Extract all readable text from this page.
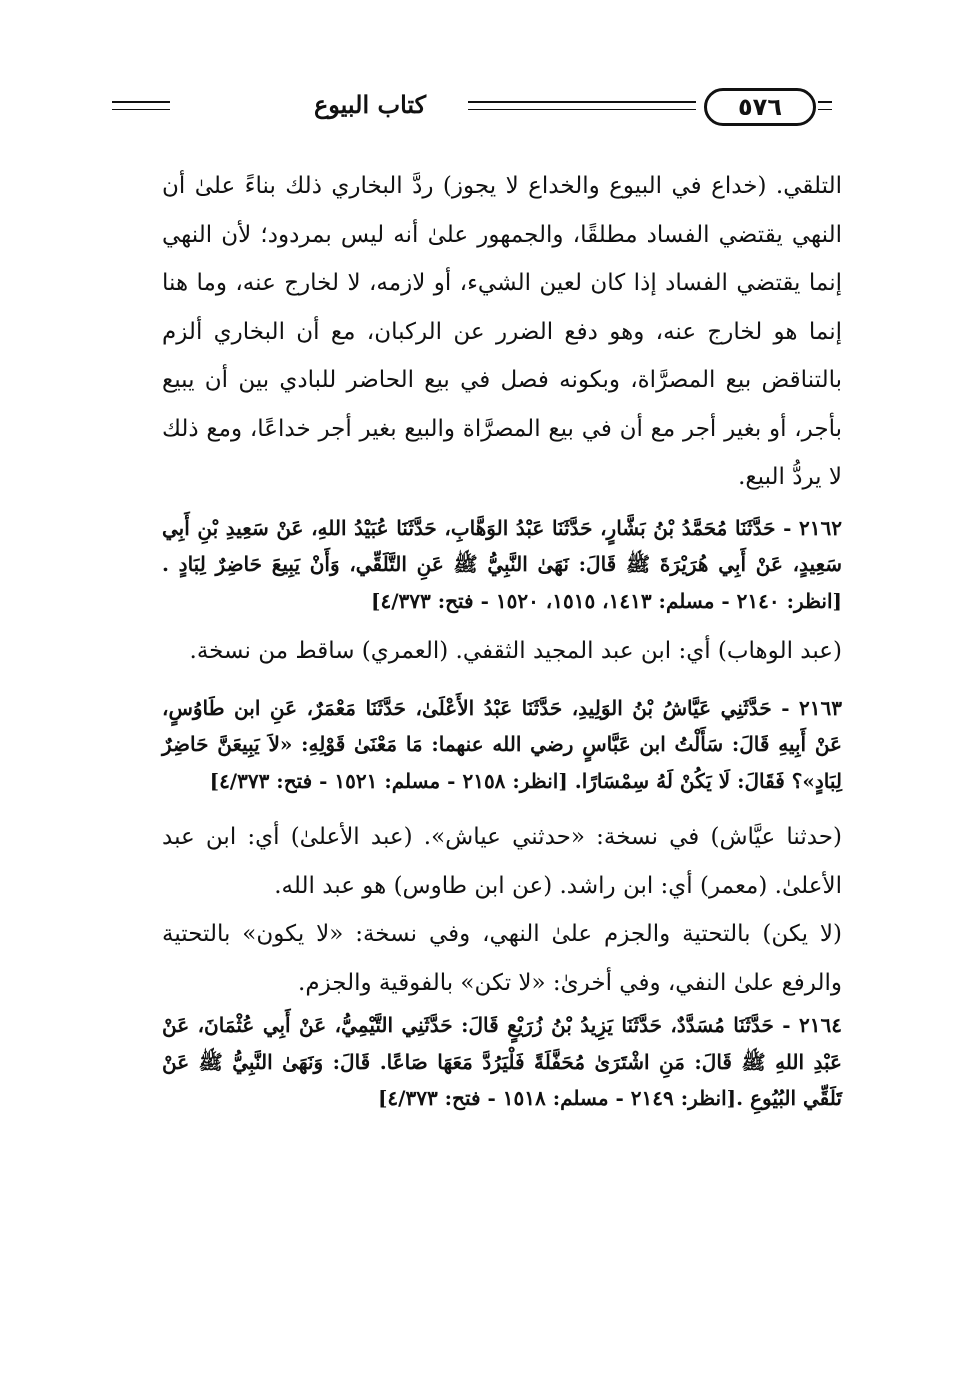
٥٧٦
كتاب البيوع

التلقي. (خداع في البيوع والخداع لا يجوز) ردَّ البخاري ذلك بناءً علىٰ أن النهي يقتضي الفساد مطلقًا، والجمهور علىٰ أنه ليس بمردود؛ لأن النهي إنما يقتضي الفساد إذا كان لعين الشيء، أو لازمه، لا لخارج عنه، وما هنا إنما هو لخارج عنه، وهو دفع الضرر عن الركبان، مع أن البخاري ألزم بالتناقض بيع المصرَّاة، وبكونه فصل في بيع الحاضر للبادي بين أن يبيع بأجر، أو بغير أجر مع أن في بيع المصرَّاة والبيع بغير أجر خداعًا، ومع ذلك لا يردُّ البيع.

٢١٦٢ - حَدَّثَنَا مُحَمَّدُ بْنُ بَشَّارٍ، حَدَّثَنَا عَبْدُ الوَهَّابِ، حَدَّثَنَا عُبَيْدُ اللهِ، عَنْ سَعِيدِ بْنِ أَبِي سَعِيدٍ، عَنْ أَبِي هُرَيْرَةَ ﷺ قَالَ: نَهَىٰ النَّبِيُّ ﷺ عَنِ التَّلَقِّي، وَأَنْ يَبِيعَ حَاضِرٌ لِبَادٍ .[انظر: ٢١٤٠ - مسلم: ١٤١٣، ١٥١٥، ١٥٢٠ - فتح: ٤/٣٧٣]

(عبد الوهاب) أي: ابن عبد المجيد الثقفي. (العمري) ساقط من نسخة.

٢١٦٣ - حَدَّثَنِي عَيَّاشُ بْنُ الوَلِيدِ، حَدَّثَنَا عَبْدُ الأَعْلَىٰ، حَدَّثَنَا مَعْمَرٌ، عَنِ ابن طَاوُسٍ، عَنْ أَبِيهِ قَالَ: سَأَلْتُ ابن عَبَّاسٍ رضي الله عنهما: مَا مَعْنَىٰ قَوْلِهِ: «لاَ يَبِيعَنَّ حَاضِرٌ لِبَادٍ»؟ فَقَالَ: لَا يَكُنْ لَهُ سِمْسَارًا. [انظر: ٢١٥٨ - مسلم: ١٥٢١ - فتح: ٤/٣٧٣]

(حدثنا عيَّاش) في نسخة: «حدثني عياش». (عبد الأعلىٰ) أي: ابن عبد الأعلىٰ. (معمر) أي: ابن راشد. (عن ابن طاوس) هو عبد الله.

(لا يكن) بالتحتية والجزم علىٰ النهي، وفي نسخة: «لا يكون» بالتحتية والرفع علىٰ النفي، وفي أخرىٰ: «لا تكن» بالفوقية والجزم.

٢١٦٤ - حَدَّثَنَا مُسَدَّدٌ، حَدَّثَنَا يَزِيدُ بْنُ زُرَيْعٍ قَالَ: حَدَّثَنِي التَّيْمِيُّ، عَنْ أَبِي عُثْمَانَ، عَنْ عَبْدِ اللهِ ﷺ قَالَ: مَنِ اشْتَرَىٰ مُحَفَّلَةً فَلْيَرُدَّ مَعَهَا صَاعًا. قَالَ: وَنَهَىٰ النَّبِيُّ ﷺ عَنْ تَلَقِّي البُيُوعِ .[انظر: ٢١٤٩ - مسلم: ١٥١٨ - فتح: ٤/٣٧٣]
